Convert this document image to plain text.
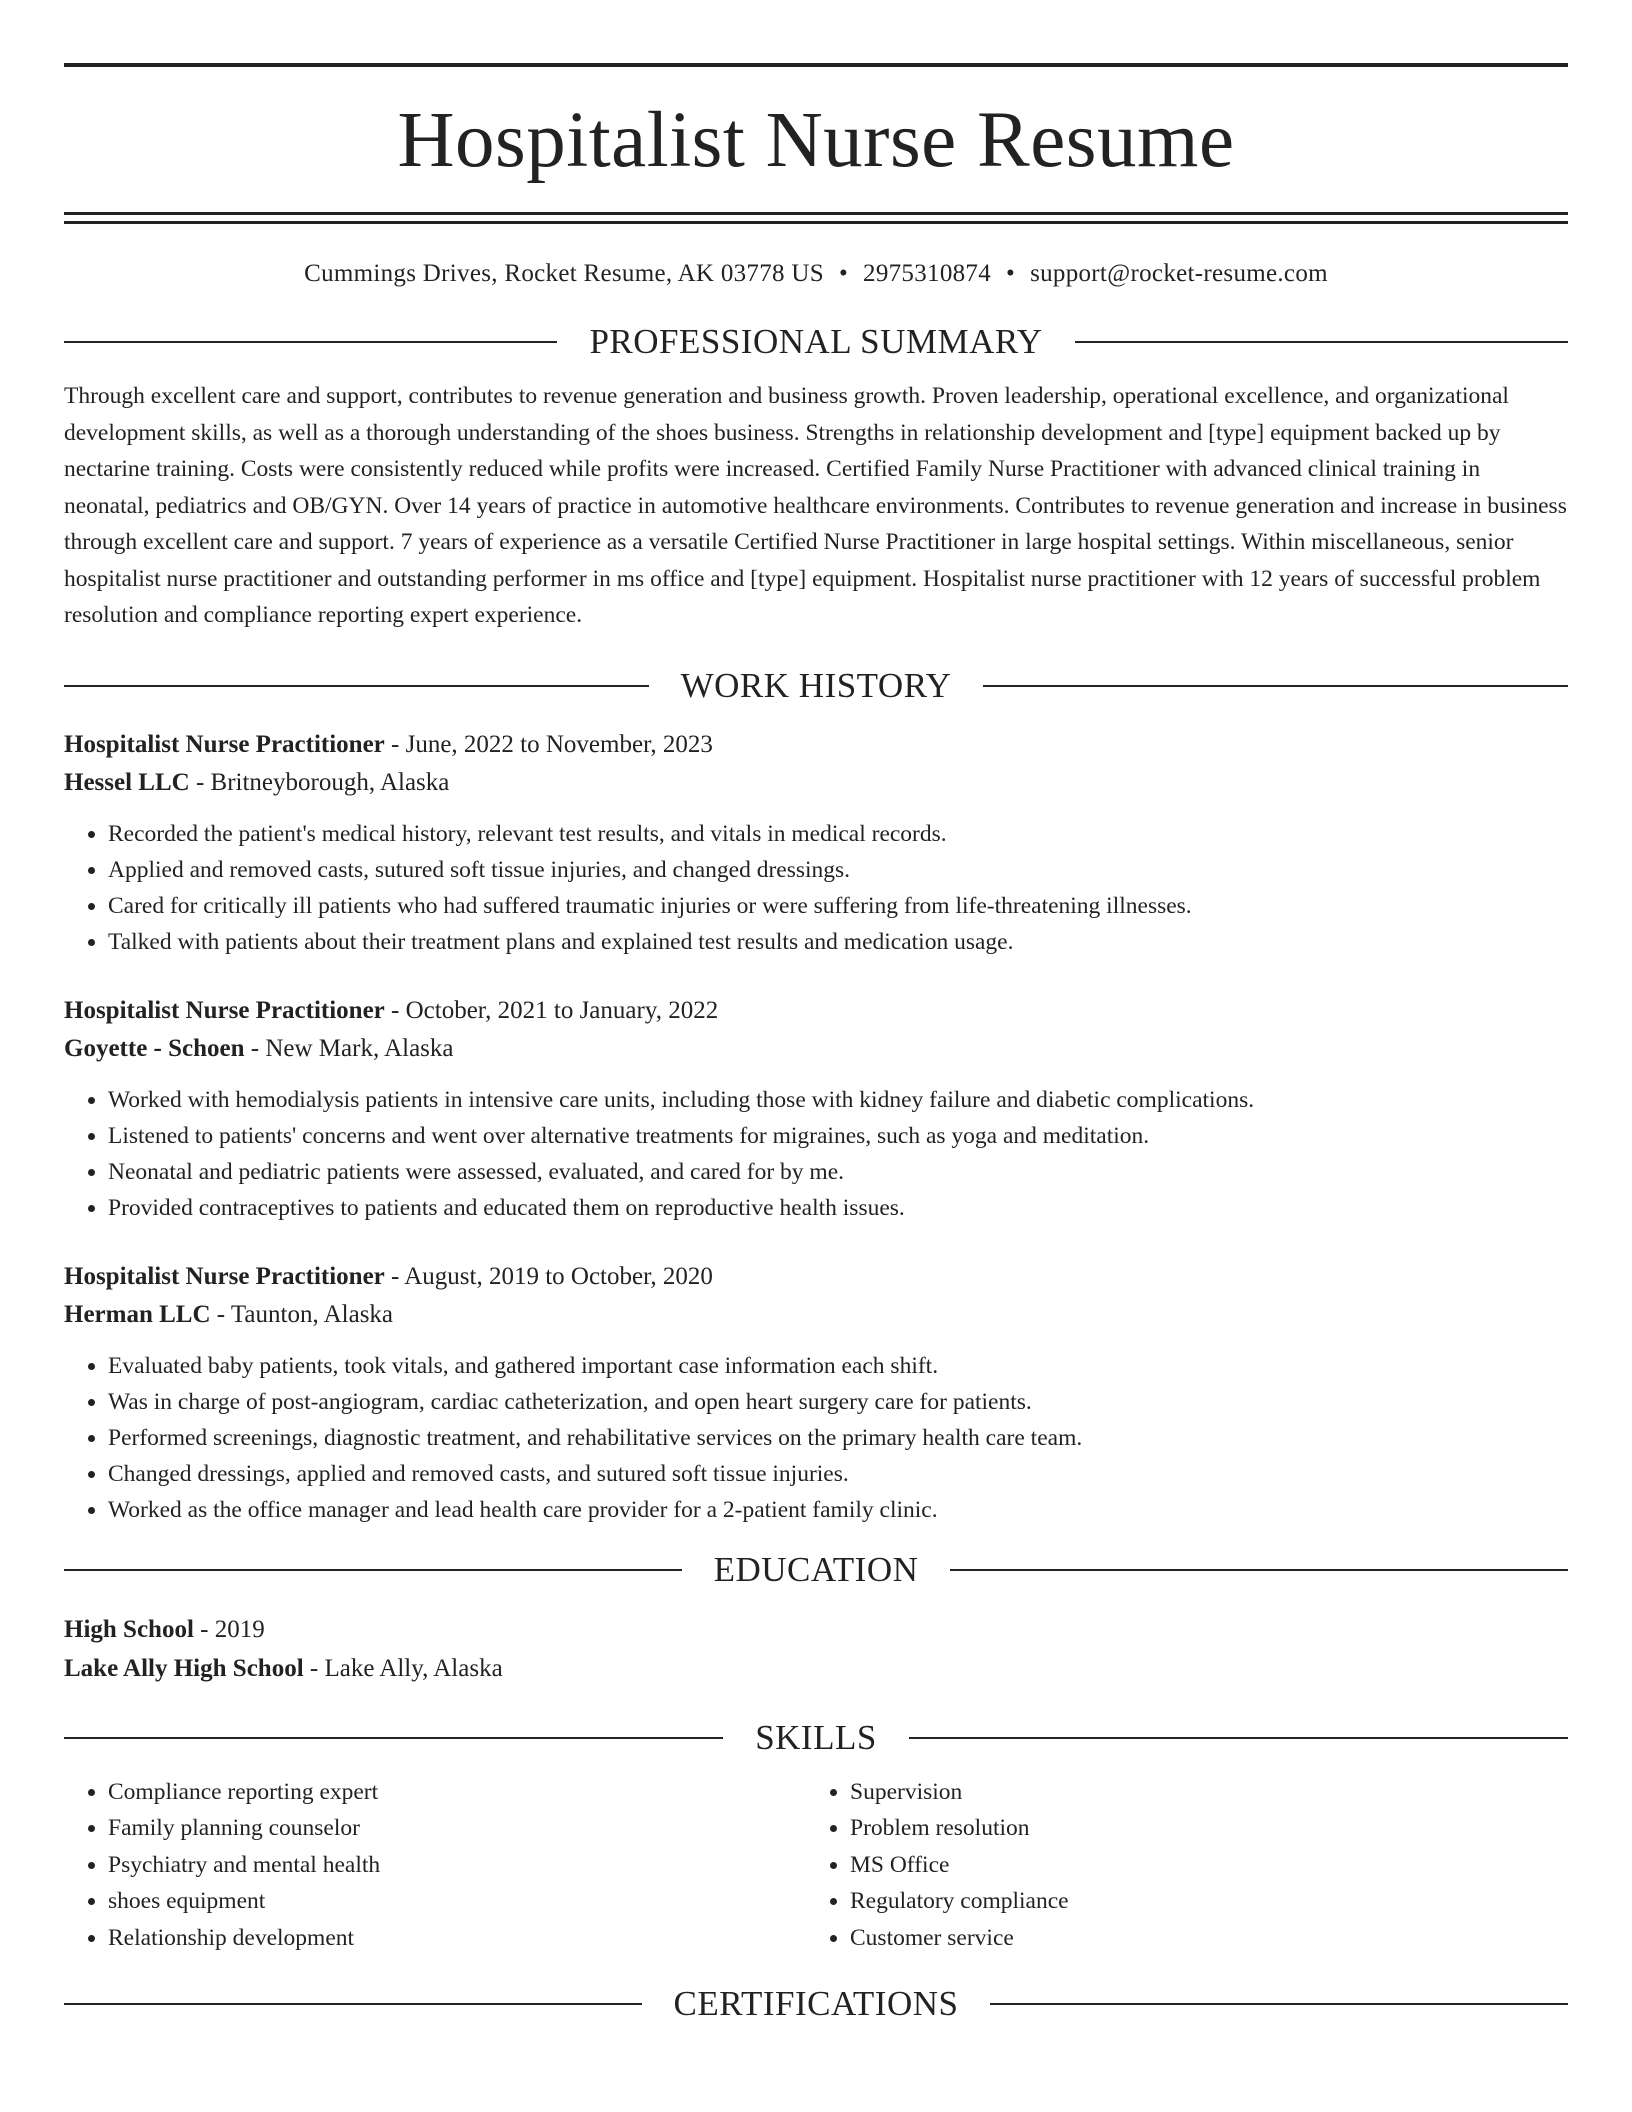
Hospitalist Nurse Resume
Cummings Drives, Rocket Resume, AK 03778 US • 2975310874 • support@rocket-resume.com
PROFESSIONAL SUMMARY

Through excellent care and support, contributes to revenue generation and business growth. Proven leadership, operational excellence, and organizational development skills, as well as a thorough understanding of the shoes business. Strengths in relationship development and [type] equipment backed up by nectarine training. Costs were consistently reduced while profits were increased. Certified Family Nurse Practitioner with advanced clinical training in neonatal, pediatrics and OB/GYN. Over 14 years of practice in automotive healthcare environments. Contributes to revenue generation and increase in business through excellent care and support. 7 years of experience as a versatile Certified Nurse Practitioner in large hospital settings. Within miscellaneous, senior hospitalist nurse practitioner and outstanding performer in ms office and [type] equipment. Hospitalist nurse practitioner with 12 years of successful problem resolution and compliance reporting expert experience.

WORK HISTORY
Hospitalist Nurse Practitioner - June, 2022 to November, 2023
Hessel LLC - Britneyborough, Alaska
• Recorded the patient's medical history, relevant test results, and vitals in medical records.
• Applied and removed casts, sutured soft tissue injuries, and changed dressings.
• Cared for critically ill patients who had suffered traumatic injuries or were suffering from life-threatening illnesses.
• Talked with patients about their treatment plans and explained test results and medication usage.
Hospitalist Nurse Practitioner - October, 2021 to January, 2022
Goyette - Schoen - New Mark, Alaska
• Worked with hemodialysis patients in intensive care units, including those with kidney failure and diabetic complications.
• Listened to patients' concerns and went over alternative treatments for migraines, such as yoga and meditation.
• Neonatal and pediatric patients were assessed, evaluated, and cared for by me.
• Provided contraceptives to patients and educated them on reproductive health issues.
Hospitalist Nurse Practitioner - August, 2019 to October, 2020
Herman LLC - Taunton, Alaska
• Evaluated baby patients, took vitals, and gathered important case information each shift.
• Was in charge of post-angiogram, cardiac catheterization, and open heart surgery care for patients.
• Performed screenings, diagnostic treatment, and rehabilitative services on the primary health care team.
• Changed dressings, applied and removed casts, and sutured soft tissue injuries.
• Worked as the office manager and lead health care provider for a 2-patient family clinic.
EDUCATION
High School - 2019
Lake Ally High School - Lake Ally, Alaska
SKILLS
• Compliance reporting expert
• Family planning counselor
• Psychiatry and mental health
• shoes equipment
• Relationship development
• Supervision
• Problem resolution
• MS Office
• Regulatory compliance
• Customer service
CERTIFICATIONS
